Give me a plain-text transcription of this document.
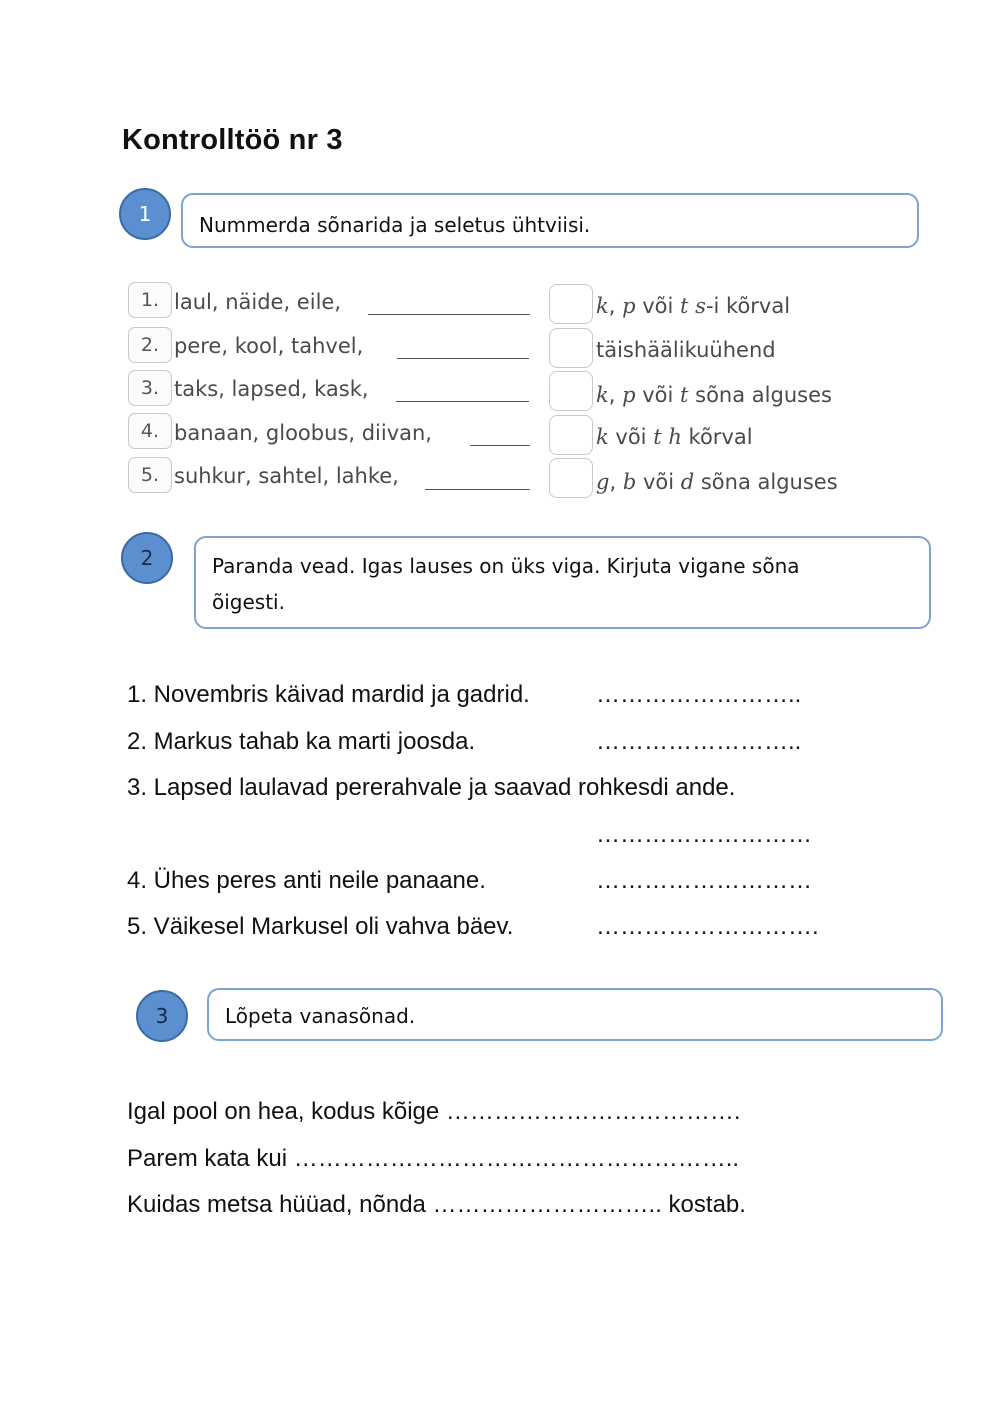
Kontrolltöö nr 3
1	Nummerda sõnarida ja seletus ühtviisi.
1. laul, näide, eile,	k, p või t s-i kõrval
2. pere, kool, tahvel,	täishäälikuühend
3. taks, lapsed, kask,	k, p või t sõna alguses
4. banaan, gloobus, diivan,	k või t h kõrval
5. suhkur, sahtel, lahke,	g, b või d sõna alguses
2	Paranda vead. Igas lauses on üks viga. Kirjuta vigane sõna
õigesti.
1. Novembris käivad mardid ja gadrid.	……………………..
2. Markus tahab ka marti joosda.	……………………..
3. Lapsed laulavad pererahvale ja saavad rohkesdi ande.
………………………
4. Ühes peres anti neile panaane.	………………………
5. Väikesel Markusel oli vahva bäev.	……………………….
3	Lõpeta vanasõnad.
Igal pool on hea, kodus kõige ……………………………….
Parem kata kui ………………………………………………..
Kuidas metsa hüüad, nõnda ……………………….. kostab.
